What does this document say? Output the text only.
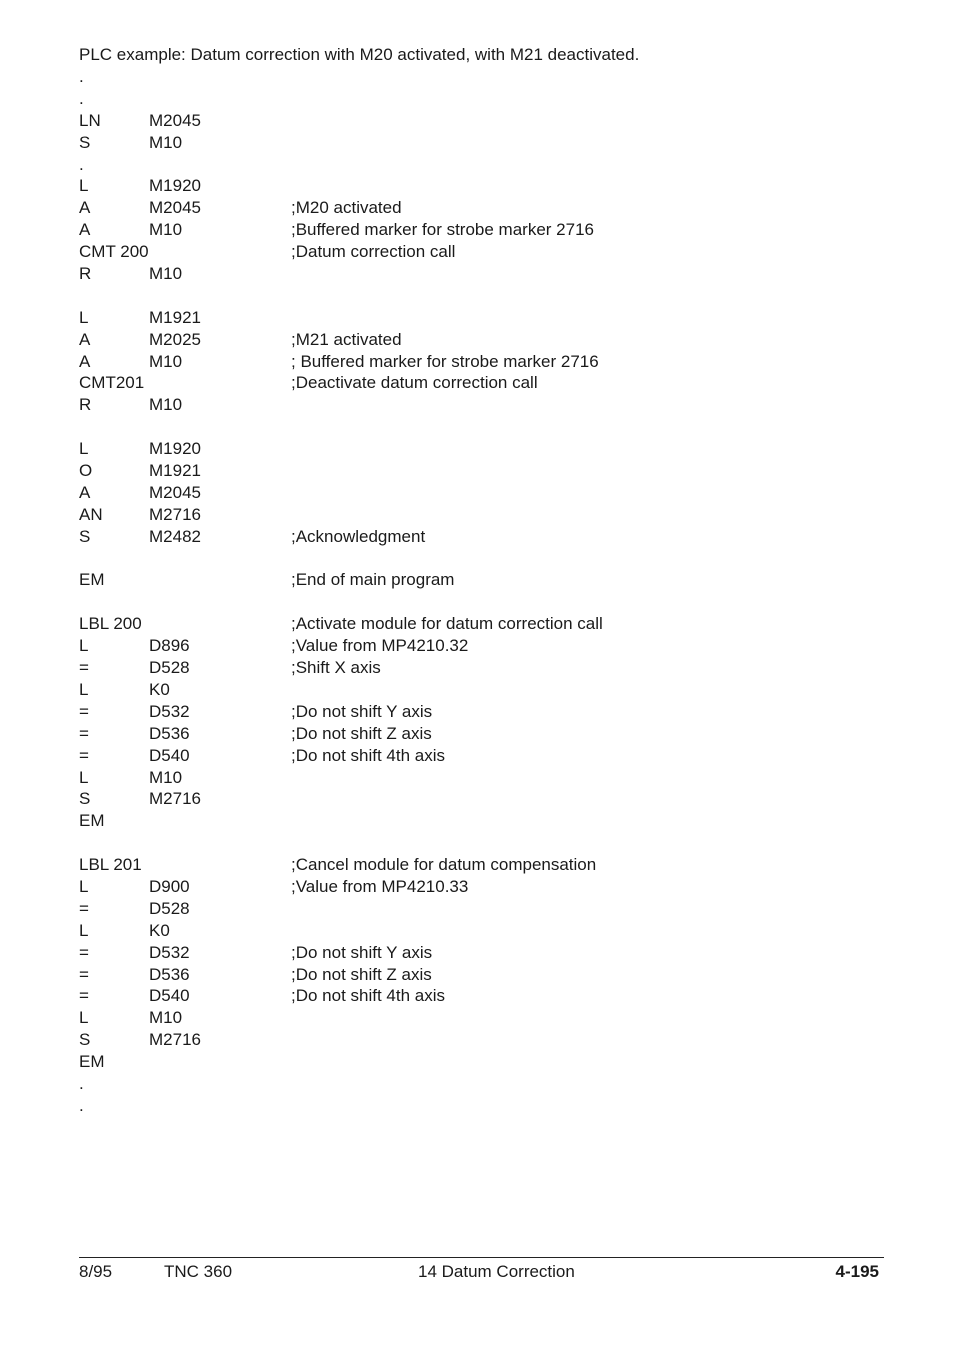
PLC example: Datum correction with M20 activated, with M21 deactivated.
.
.
LN	M2045
S	M10
.
L	M1920
A	M2045	;M20 activated
A	M10	;Buffered marker for strobe marker 2716
CMT 200	;Datum correction call
R	M10
L	M1921
A	M2025	;M21 activated
A	M10	; Buffered marker for strobe marker 2716
CMT201	;Deactivate datum correction call
R	M10
L	M1920
O	M1921
A	M2045
AN	M2716
S	M2482	;Acknowledgment
EM	;End of main program
LBL 200	;Activate module for datum correction call
L	D896	;Value from MP4210.32
=	D528	;Shift X axis
L	K0
=	D532	;Do not shift Y axis
=	D536	;Do not shift Z axis
=	D540	;Do not shift 4th axis
L	M10
S	M2716
EM
LBL 201	;Cancel module for datum compensation
L	D900	;Value from MP4210.33
=	D528
L	K0
=	D532	;Do not shift Y axis
=	D536	;Do not shift Z axis
=	D540	;Do not shift 4th axis
L	M10
S	M2716
EM
.
.
8/95	TNC 360	14 Datum Correction	4-195
